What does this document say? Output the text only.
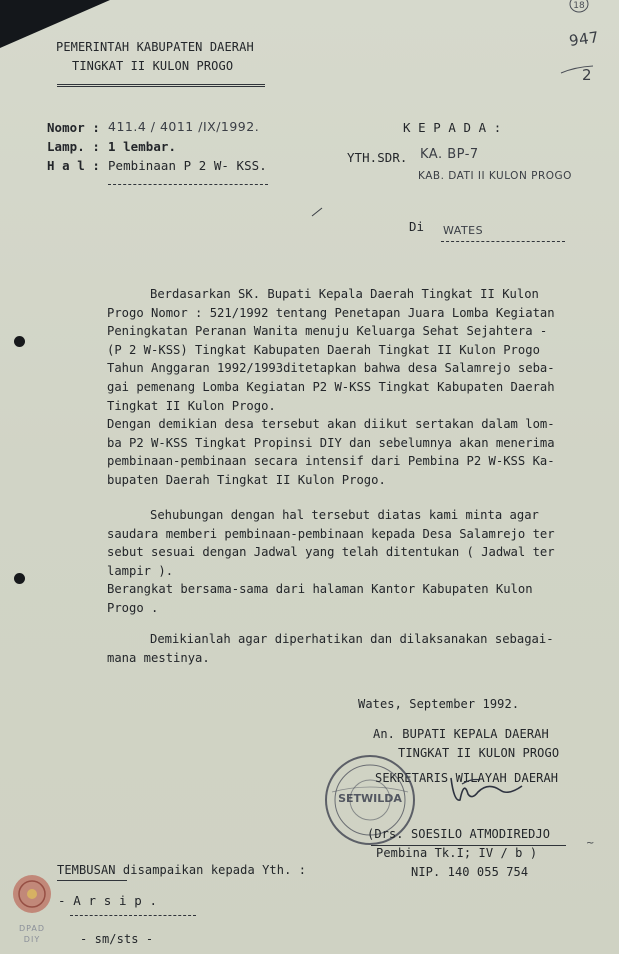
18
947
2
PEMERINTAH KABUPATEN DAERAH
TINGKAT II KULON PROGO
Nomor : 411.4 / 4011 /IX/1992.
Lamp. : 1 lembar.
H a l : Pembinaan P 2 W- KSS.
K E P A D A :
YTH.SDR. KA. BP-7
KAB. DATI II KULON PROGO
Di WATES
Berdasarkan SK. Bupati Kepala Daerah Tingkat II Kulon
Progo Nomor : 521/1992 tentang Penetapan Juara Lomba Kegiatan
Peningkatan Peranan Wanita menuju Keluarga Sehat Sejahtera -
(P 2 W-KSS) Tingkat Kabupaten Daerah Tingkat II Kulon Progo
Tahun Anggaran 1992/1993ditetapkan bahwa desa Salamrejo seba-
gai pemenang Lomba Kegiatan P2 W-KSS Tingkat Kabupaten Daerah
Tingkat II Kulon Progo.
Dengan demikian desa tersebut akan diikut sertakan dalam lom-
ba P2 W-KSS Tingkat Propinsi DIY dan sebelumnya akan menerima
pembinaan-pembinaan secara intensif dari Pembina P2 W-KSS Ka-
bupaten Daerah Tingkat II Kulon Progo.
Sehubungan dengan hal tersebut diatas kami minta agar
saudara memberi pembinaan-pembinaan kepada Desa Salamrejo ter
sebut sesuai dengan Jadwal yang telah ditentukan ( Jadwal ter
lampir ).
Berangkat bersama-sama dari halaman Kantor Kabupaten Kulon
Progo .
Demikianlah agar diperhatikan dan dilaksanakan sebagai-
mana mestinya.
Wates, September 1992.
An. BUPATI KEPALA DAERAH
TINGKAT II KULON PROGO
SEKRETARIS WILAYAH DAERAH
SETWILDA
(Drs. SOESILO ATMODIREDJO
Pembina Tk.I; IV / b )
NIP. 140 055 754
~
TEMBUSAN disampaikan kepada Yth. :
- A r s i p .
- sm/sts -
DPAD
DIY
